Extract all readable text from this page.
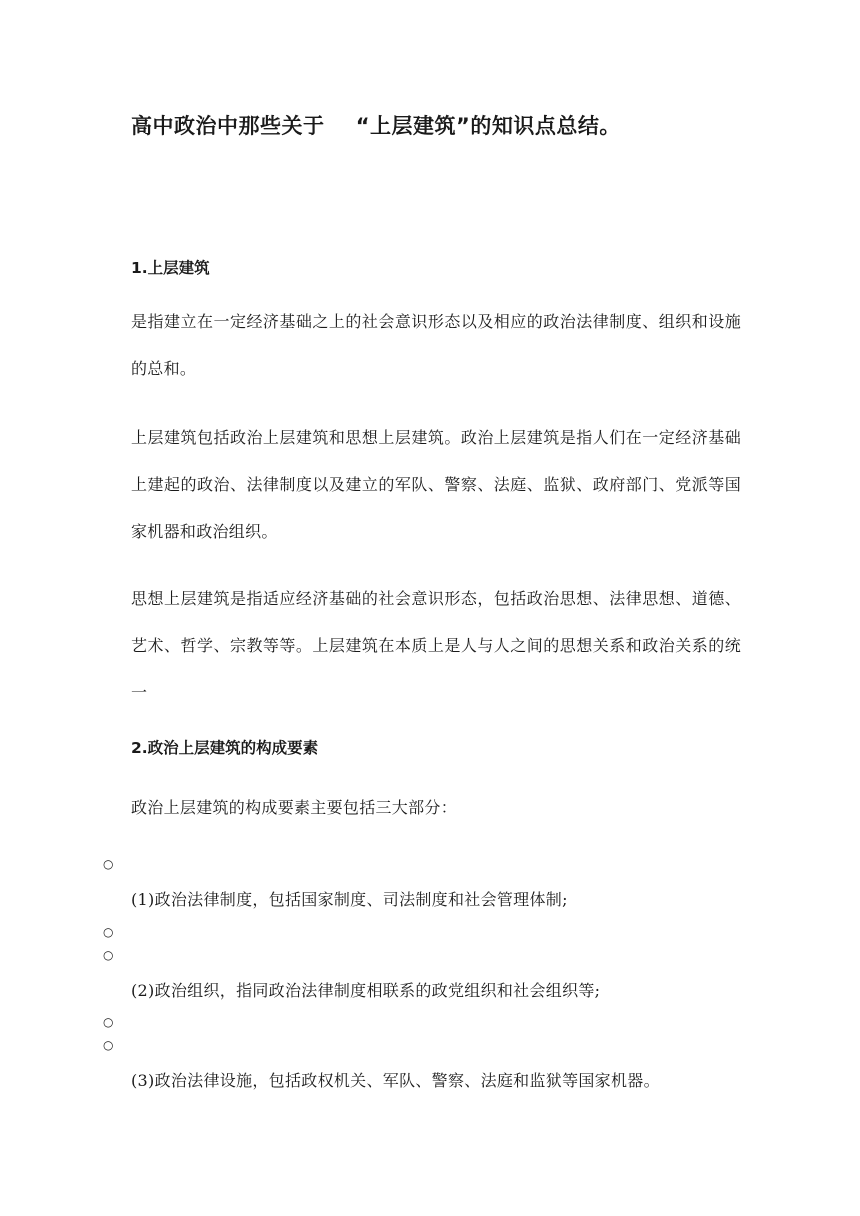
高中政治中那些关于    “上层建筑”的知识点总结。
1.上层建筑

是指建立在一定经济基础之上的社会意识形态以及相应的政治法律制度、组织和设施的总和。

上层建筑包括政治上层建筑和思想上层建筑。政治上层建筑是指人们在一定经济基础上建起的政治、法律制度以及建立的军队、警察、法庭、监狱、政府部门、党派等国家机器和政治组织。

思想上层建筑是指适应经济基础的社会意识形态，包括政治思想、法律思想、道德、艺术、哲学、宗教等等。上层建筑在本质上是人与人之间的思想关系和政治关系的统一

2.政治上层建筑的构成要素

政治上层建筑的构成要素主要包括三大部分：

○

(1)政治法律制度，包括国家制度、司法制度和社会管理体制;

○
○

(2)政治组织，指同政治法律制度相联系的政党组织和社会组织等;

○
○

(3)政治法律设施，包括政权机关、军队、警察、法庭和监狱等国家机器。
